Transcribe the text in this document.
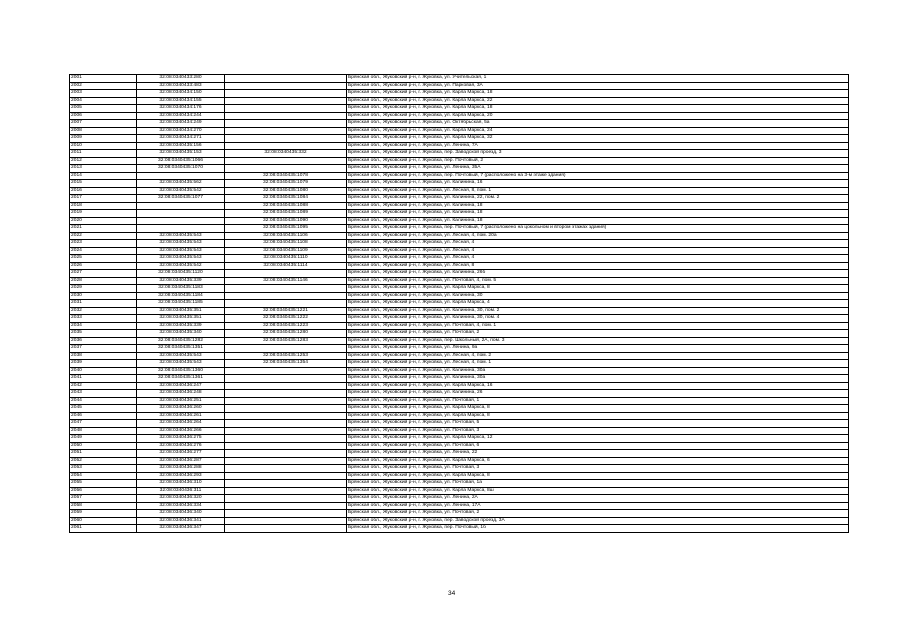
2001	32:08:0340433:280		Брянская обл., Жуковский р-н, г. Жуковка, ул. Учительская, 1
2002	32:08:0340433:483		Брянская обл., Жуковский р-н, г. Жуковка, ул. Парковая, 3А
2003	32:08:0340434:150		Брянская обл., Жуковский р-н, г. Жуковка, ул. Карла Маркса, 18
2004	32:08:0340434:155		Брянская обл., Жуковский р-н, г. Жуковка, ул. Карла Маркса, 22
2005	32:08:0340434:176		Брянская обл., Жуковский р-н, г. Жуковка, ул. Карла Маркса, 18
2006	32:08:0340434:244		Брянская обл., Жуковский р-н, г. Жуковка, ул. Карла Маркса, 20
2007	32:08:0340434:249		Брянская обл., Жуковский р-н, г. Жуковка, ул. Октябрьская, 5а
2008	32:08:0340434:270		Брянская обл., Жуковский р-н, г. Жуковка, ул. Карла Маркса, 24
2009	32:08:0340434:271		Брянская обл., Жуковский р-н, г. Жуковка, ул. Карла Маркса, 32
2010	32:08:0340435:156		Брянская обл., Жуковский р-н, г. Жуковка, ул. Ленина, 7А
2011	32:08:0340435:153	32:08:0340435:332	Брянская обл., Жуковский р-н, г. Жуковка, пер. Заводской проезд, 3
2012	32:08:0340435:1066		Брянская обл., Жуковский р-н, г. Жуковка, пер. Почтовый, 2
2013	32:08:0340435:1070		Брянская обл., Жуковский р-н, г. Жуковка, ул. Ленина, 35А
2014		32:08:0340435:1078	Брянская обл., Жуковский р-н, г. Жуковка, пер. Почтовый, 7 (расположено на 3-м этаже здания)
2015	32:08:0340435:562	32:08:0340435:1079	Брянская обл., Жуковский р-н, г. Жуковка, ул. Калинина, 16
2016	32:08:0340435:542	32:08:0340435:1080	Брянская обл., Жуковский р-н, г. Жуковка, ул. Лесная, 8, пом. 1
2017	32:08:0340435:1077	32:08:0340435:1084	Брянская обл., Жуковский р-н, г. Жуковка, ул. Калинина, 22, пом. 2
2018		32:08:0340435:1088	Брянская обл., Жуковский р-н, г. Жуковка, ул. Калинина, 18
2019		32:08:0340435:1089	Брянская обл., Жуковский р-н, г. Жуковка, ул. Калинина, 18
2020		32:08:0340435:1090	Брянская обл., Жуковский р-н, г. Жуковка, ул. Калинина, 18
2021		32:08:0340435:1095	Брянская обл., Жуковский р-н, г. Жуковка, пер. Почтовый, 7 (расположено на цокольном и втором этажах здания)
2022	32:08:0340435:543	32:08:0340435:1106	Брянская обл., Жуковский р-н, г. Жуковка, ул. Лесная, 4, пом. 20а
2023	32:08:0340435:543	32:08:0340435:1108	Брянская обл., Жуковский р-н, г. Жуковка, ул. Лесная, 4
2024	32:08:0340435:543	32:08:0340435:1109	Брянская обл., Жуковский р-н, г. Жуковка, ул. Лесная, 4
2025	32:08:0340435:543	32:08:0340435:1110	Брянская обл., Жуковский р-н, г. Жуковка, ул. Лесная, 4
2026	32:08:0340435:542	32:08:0340435:1114	Брянская обл., Жуковский р-н, г. Жуковка, ул. Лесная, 8
2027	32:08:0340435:1120		Брянская обл., Жуковский р-н, г. Жуковка, ул. Калинина, 26б
2028	32:08:0340435:339	32:08:0340435:1146	Брянская обл., Жуковский р-н, г. Жуковка, ул. Почтовая, 4, пом. 5
2029	32:08:0340435:1183		Брянская обл., Жуковский р-н, г. Жуковка, ул. Карла Маркса, 8
2030	32:08:0340435:1184		Брянская обл., Жуковский р-н, г. Жуковка, ул. Калинина, 30
2031	32:08:0340435:1185		Брянская обл., Жуковский р-н, г. Жуковка, ул. Карла Маркса, 4
2032	32:08:0340435:351	32:08:0340435:1221	Брянская обл., Жуковский р-н, г. Жуковка, ул. Калинина, 30, пом. 2
2033	32:08:0340435:351	32:08:0340435:1222	Брянская обл., Жуковский р-н, г. Жуковка, ул. Калинина, 30, пом. 4
2034	32:08:0340435:339	32:08:0340435:1223	Брянская обл., Жуковский р-н, г. Жуковка, ул. Почтовая, 4, пом. 1
2035	32:08:0340435:340	32:08:0340435:1280	Брянская обл., Жуковский р-н, г. Жуковка, ул. Почтовая, 2
2036	32:08:0340435:1282	32:08:0340435:1283	Брянская обл., Жуковский р-н, г. Жуковка, пер. Школьный, 2А, пом. 3
2037	32:08:0340435:1351		Брянская обл., Жуковский р-н, г. Жуковка, ул. Ленина, 9а
2038	32:08:0340435:543	32:08:0340435:1253	Брянская обл., Жуковский р-н, г. Жуковка, ул. Лесная, 4, пом. 2
2039	32:08:0340435:543	32:08:0340435:1354	Брянская обл., Жуковский р-н, г. Жуковка, ул. Лесная, 4, пом. 1
2040	32:08:0340435:1360		Брянская обл., Жуковский р-н, г. Жуковка, ул. Калинина, 30а
2041	32:08:0340435:1361		Брянская обл., Жуковский р-н, г. Жуковка, ул. Калинина, 30а
2042	32:08:0340436:247		Брянская обл., Жуковский р-н, г. Жуковка, ул. Карла Маркса, 16
2043	32:08:0340436:248		Брянская обл., Жуковский р-н, г. Жуковка, ул. Калинина, 26
2044	32:08:0340436:251		Брянская обл., Жуковский р-н, г. Жуковка, ул. Почтовая, 1
2045	32:08:0340436:260		Брянская обл., Жуковский р-н, г. Жуковка, ул. Карла Маркса, 8
2046	32:08:0340436:261		Брянская обл., Жуковский р-н, г. Жуковка, ул. Карла Маркса, 8
2047	32:08:0340436:264		Брянская обл., Жуковский р-н, г. Жуковка, ул. Почтовая, 5
2048	32:08:0340436:266		Брянская обл., Жуковский р-н, г. Жуковка, ул. Почтовая, 3
2049	32:08:0340436:275		Брянская обл., Жуковский р-н, г. Жуковка, ул. Карла Маркса, 12
2050	32:08:0340436:276		Брянская обл., Жуковский р-н, г. Жуковка, ул. Почтовая, 6
2051	32:08:0340436:277		Брянская обл., Жуковский р-н, г. Жуковка, ул. Ленина, 22
2052	32:08:0340436:287		Брянская обл., Жуковский р-н, г. Жуковка, ул. Карла Маркса, 6
2053	32:08:0340436:288		Брянская обл., Жуковский р-н, г. Жуковка, ул. Почтовая, 3
2054	32:08:0340436:293		Брянская обл., Жуковский р-н, г. Жуковка, ул. Карла Маркса, 8
2055	32:08:0340436:310		Брянская обл., Жуковский р-н, г. Жуковка, ул. Почтовая, 1а
2056	32:08:0340436:311		Брянская обл., Жуковский р-н, г. Жуковка, ул. Карла Маркса, 8ш
2057	32:08:0340436:320		Брянская обл., Жуковский р-н, г. Жуковка, ул. Ленина, 2А
2058	32:08:0340436:334		Брянская обл., Жуковский р-н, г. Жуковка, ул. Ленина, 17А
2059	32:08:0340436:340		Брянская обл., Жуковский р-н, г. Жуковка, ул. Почтовая, 2
2060	32:08:0340436:341		Брянская обл., Жуковский р-н, г. Жуковка, пер. Заводской проезд, 3А
2061	32:08:0340436:347		Брянская обл., Жуковский р-н, г. Жуковка, пер. Почтовый, 1б
34
